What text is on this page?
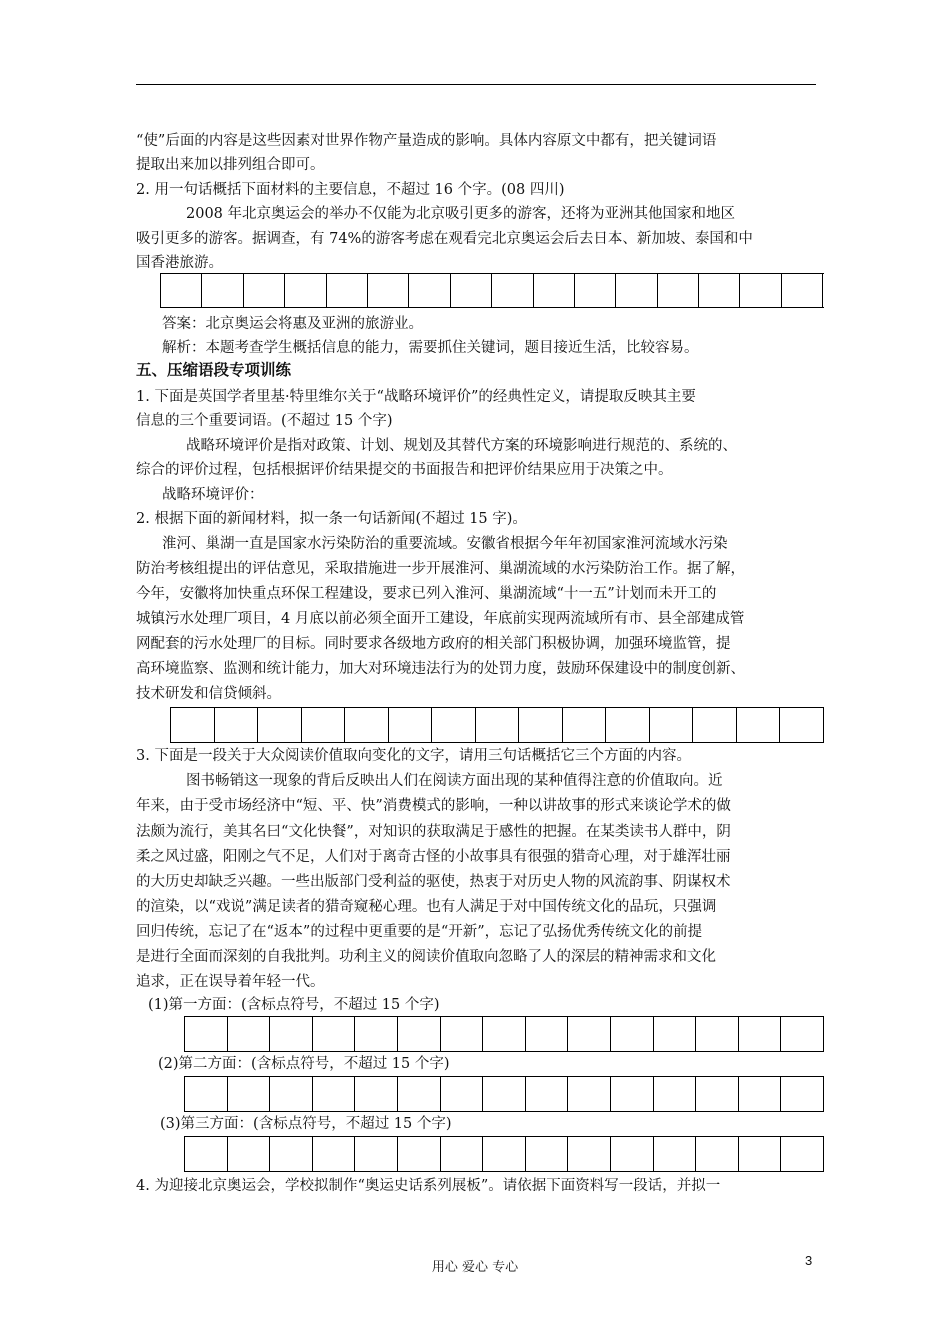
“使”后面的内容是这些因素对世界作物产量造成的影响。具体内容原文中都有，把关键词语
提取出来加以排列组合即可。
2. 用一句话概括下面材料的主要信息，不超过 16 个字。(08 四川)
2008 年北京奥运会的举办不仅能为北京吸引更多的游客，还将为亚洲其他国家和地区
吸引更多的游客。据调查，有 74%的游客考虑在观看完北京奥运会后去日本、新加坡、泰国和中
国香港旅游。
答案：北京奥运会将惠及亚洲的旅游业。
解析：本题考查学生概括信息的能力，需要抓住关键词，题目接近生活，比较容易。
五、压缩语段专项训练
1. 下面是英国学者里基·特里维尔关于“战略环境评价”的经典性定义，请提取反映其主要
信息的三个重要词语。(不超过 15 个字)
战略环境评价是指对政策、计划、规划及其替代方案的环境影响进行规范的、系统的、
综合的评价过程，包括根据评价结果提交的书面报告和把评价结果应用于决策之中。
战略环境评价：
2. 根据下面的新闻材料，拟一条一句话新闻(不超过 15 字)。
淮河、巢湖一直是国家水污染防治的重要流域。安徽省根据今年年初国家淮河流域水污染
防治考核组提出的评估意见，采取措施进一步开展淮河、巢湖流域的水污染防治工作。据了解，
今年，安徽将加快重点环保工程建设，要求已列入淮河、巢湖流域“十一五”计划而未开工的
城镇污水处理厂项目，4 月底以前必须全面开工建设，年底前实现两流域所有市、县全部建成管
网配套的污水处理厂的目标。同时要求各级地方政府的相关部门积极协调，加强环境监管，提
高环境监察、监测和统计能力，加大对环境违法行为的处罚力度，鼓励环保建设中的制度创新、
技术研发和信贷倾斜。
3. 下面是一段关于大众阅读价值取向变化的文字，请用三句话概括它三个方面的内容。
图书畅销这一现象的背后反映出人们在阅读方面出现的某种值得注意的价值取向。近
年来，由于受市场经济中“短、平、快”消费模式的影响，一种以讲故事的形式来谈论学术的做
法颇为流行，美其名曰“文化快餐”，对知识的获取满足于感性的把握。在某类读书人群中，阴
柔之风过盛，阳刚之气不足，人们对于离奇古怪的小故事具有很强的猎奇心理，对于雄浑壮丽
的大历史却缺乏兴趣。一些出版部门受利益的驱使，热衷于对历史人物的风流韵事、阴谋权术
的渲染，以“戏说”满足读者的猎奇窥秘心理。也有人满足于对中国传统文化的品玩，只强调
回归传统，忘记了在“返本”的过程中更重要的是“开新”，忘记了弘扬优秀传统文化的前提
是进行全面而深刻的自我批判。功利主义的阅读价值取向忽略了人的深层的精神需求和文化
追求，正在误导着年轻一代。
(1)第一方面：(含标点符号，不超过 15 个字)
(2)第二方面：(含标点符号，不超过 15 个字)
(3)第三方面：(含标点符号，不超过 15 个字)
4. 为迎接北京奥运会，学校拟制作“奥运史话系列展板”。请依据下面资料写一段话，并拟一
用心 爱心 专心	3
